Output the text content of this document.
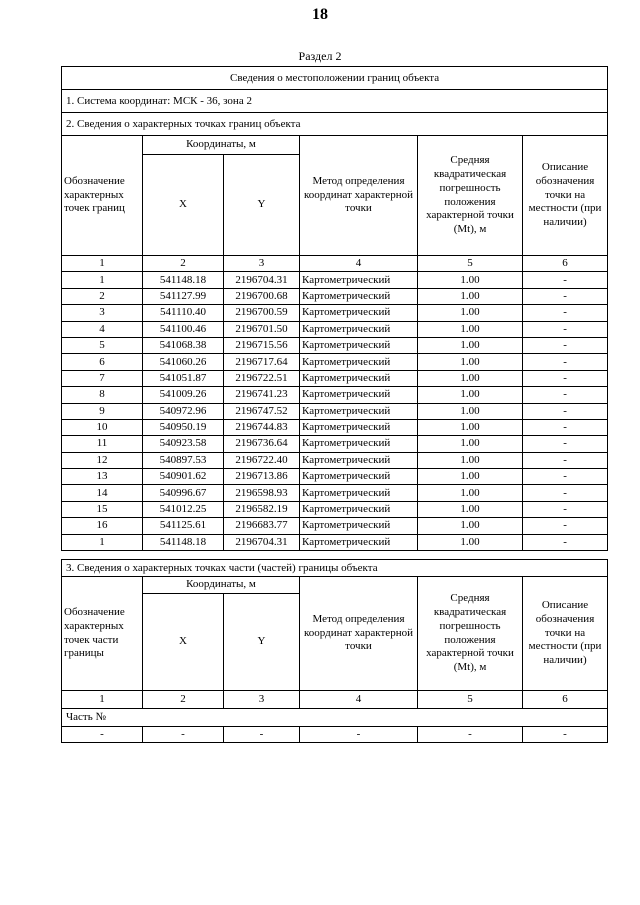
18
Раздел 2
Сведения о местоположении границ объекта					
1. Система координат: МСК - 36, зона 2					
2. Сведения о характерных точках границ объекта					
Обозначение характерных точек границ	Координаты, м		Метод определения координат характерной точки	Средняя квадратическая погрешность положения характерной точки (Mt), м	Описание обозначения точки на местности (при наличии)
	X	Y			
1	2	3	4	5	6
1	541148.18	2196704.31	Картометрический	1.00	-
2	541127.99	2196700.68	Картометрический	1.00	-
3	541110.40	2196700.59	Картометрический	1.00	-
4	541100.46	2196701.50	Картометрический	1.00	-
5	541068.38	2196715.56	Картометрический	1.00	-
6	541060.26	2196717.64	Картометрический	1.00	-
7	541051.87	2196722.51	Картометрический	1.00	-
8	541009.26	2196741.23	Картометрический	1.00	-
9	540972.96	2196747.52	Картометрический	1.00	-
10	540950.19	2196744.83	Картометрический	1.00	-
11	540923.58	2196736.64	Картометрический	1.00	-
12	540897.53	2196722.40	Картометрический	1.00	-
13	540901.62	2196713.86	Картометрический	1.00	-
14	540996.67	2196598.93	Картометрический	1.00	-
15	541012.25	2196582.19	Картометрический	1.00	-
16	541125.61	2196683.77	Картометрический	1.00	-
1	541148.18	2196704.31	Картометрический	1.00	-
3. Сведения о характерных точках части (частей) границы объекта					
Обозначение характерных точек части границы	Координаты, м		Метод определения координат характерной точки	Средняя квадратическая погрешность положения характерной точки (Mt), м	Описание обозначения точки на местности (при наличии)
	X	Y			
1	2	3	4	5	6
Часть №					
-	-	-	-	-	-
